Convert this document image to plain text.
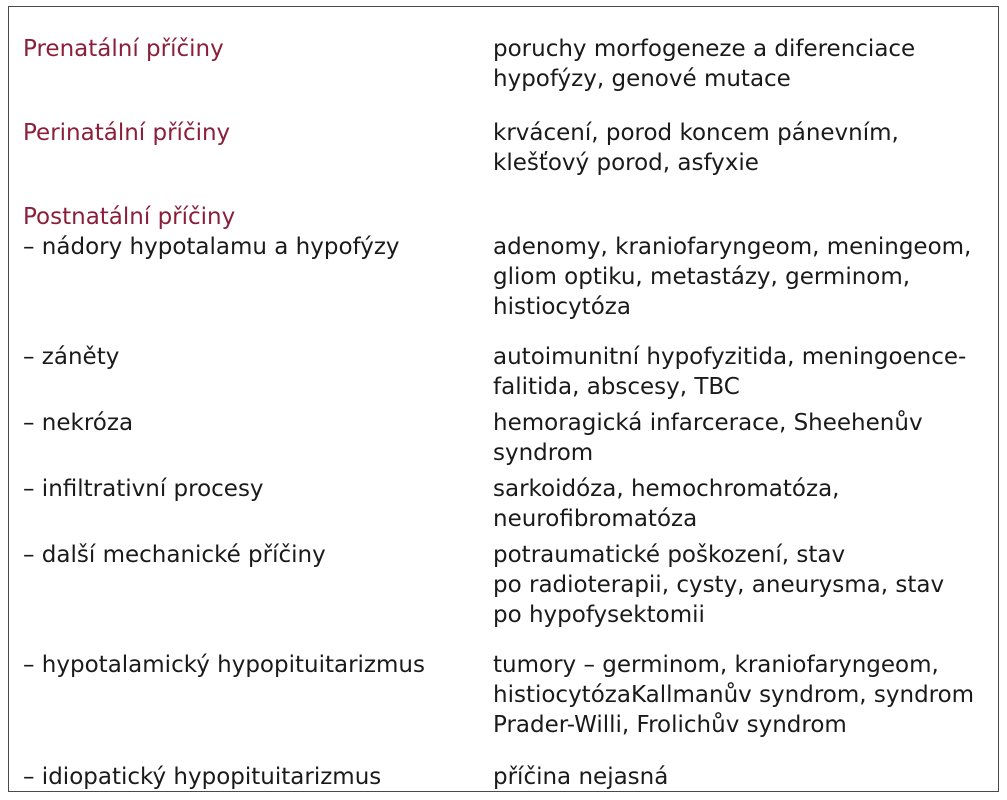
Prenatální příčiny	poruchy morfogeneze a diferenciace
hypofýzy, genové mutace
Perinatální příčiny	krvácení, porod koncem pánevním,
klešťový porod, asfyxie
Postnatální příčiny
– nádory hypotalamu a hypofýzy	adenomy, kraniofaryngeom, meningeom,
gliom optiku, metastázy, germinom,
histiocytóza
– záněty	autoimunitní hypofyzitida, meningoence-
falitida, abscesy, TBC
– nekróza	hemoragická infarcerace, Sheehenův
syndrom
– infiltrativní procesy	sarkoidóza, hemochromatóza,
neurofibromatóza
– další mechanické příčiny	potraumatické poškození, stav
po radioterapii, cysty, aneurysma, stav
po hypofysektomii
– hypotalamický hypopituitarizmus	tumory – germinom, kraniofaryngeom,
histiocytózaKallmanův syndrom, syndrom
Prader-Willi, Frolichův syndrom
– idiopatický hypopituitarizmus	příčina nejasná
